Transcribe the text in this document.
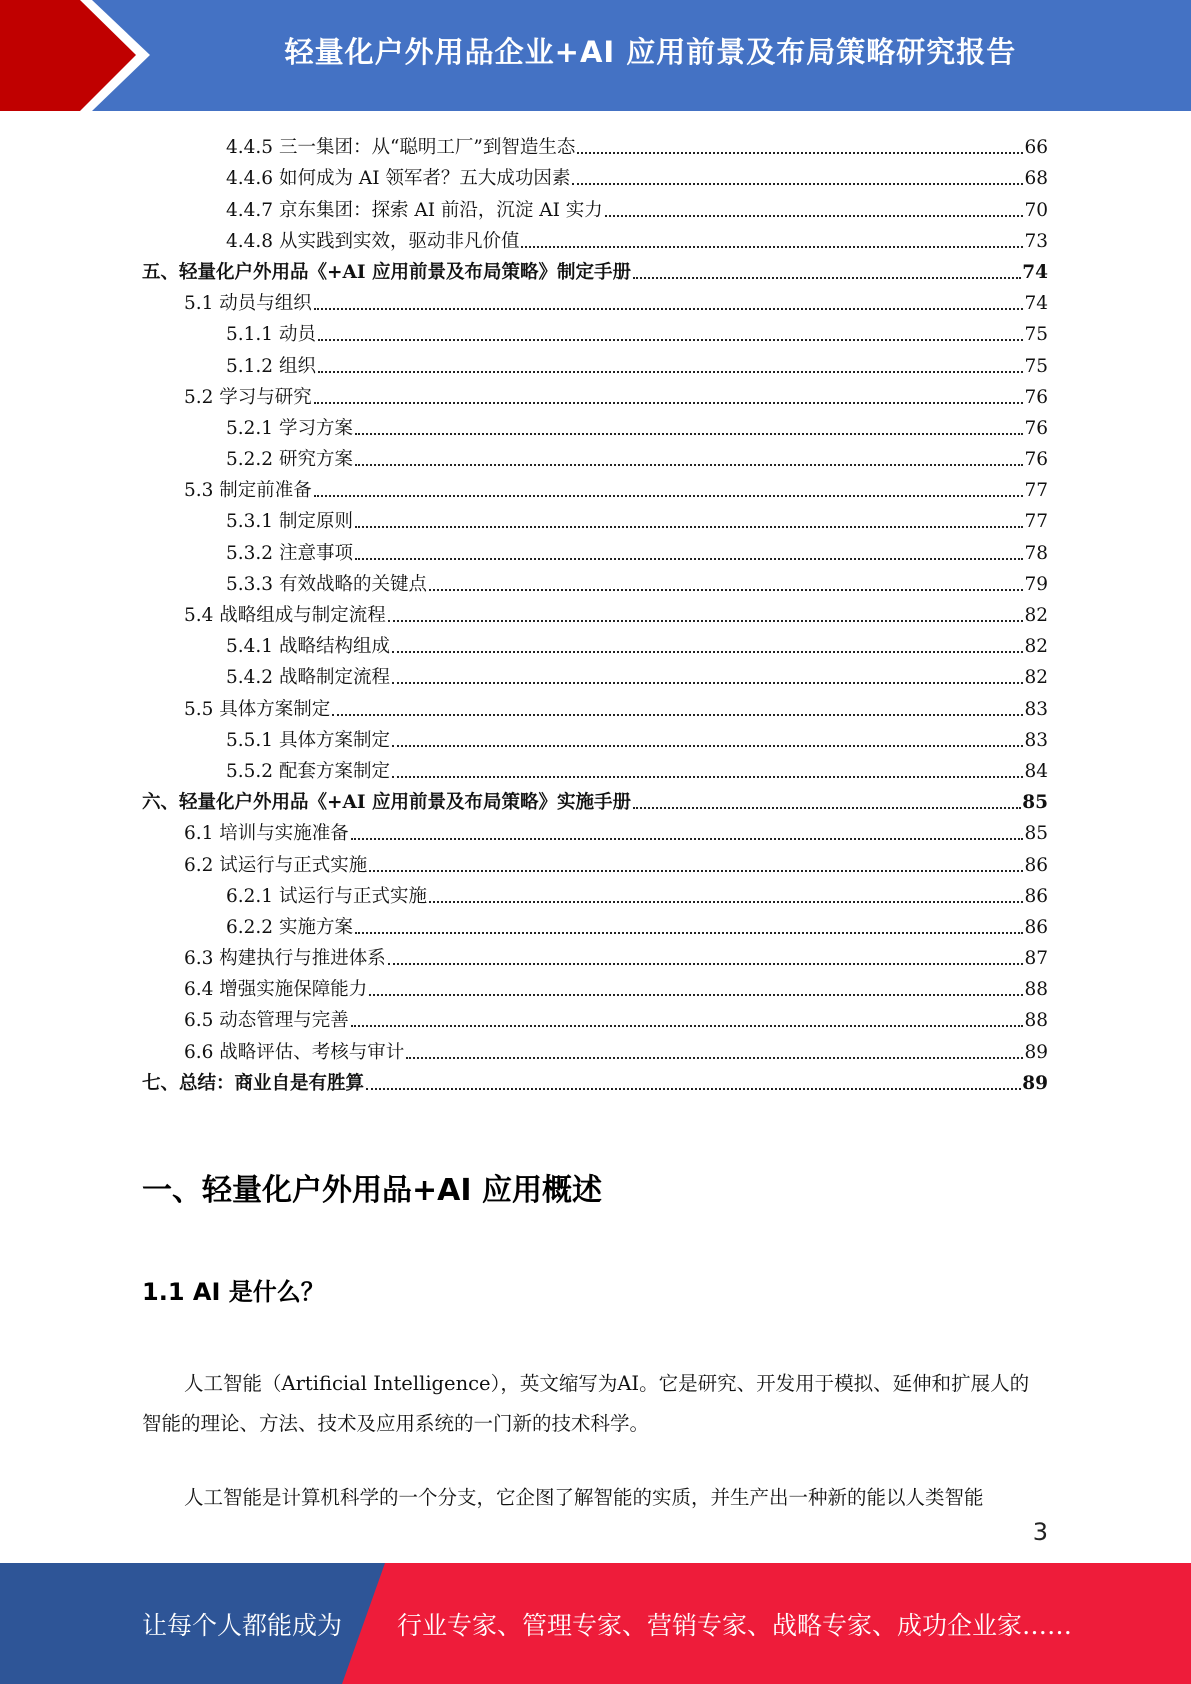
轻量化户外用品企业+AI 应用前景及布局策略研究报告
4.4.5 三一集团：从“聪明工厂”到智造生态	66
4.4.6 如何成为 AI 领军者？五大成功因素	68
4.4.7 京东集团：探索 AI 前沿，沉淀 AI 实力	70
4.4.8 从实践到实效，驱动非凡价值	73
五、轻量化户外用品《+AI 应用前景及布局策略》制定手册	74
5.1 动员与组织	74
5.1.1 动员	75
5.1.2 组织	75
5.2 学习与研究	76
5.2.1 学习方案	76
5.2.2 研究方案	76
5.3 制定前准备	77
5.3.1 制定原则	77
5.3.2 注意事项	78
5.3.3 有效战略的关键点	79
5.4 战略组成与制定流程	82
5.4.1 战略结构组成	82
5.4.2 战略制定流程	82
5.5 具体方案制定	83
5.5.1 具体方案制定	83
5.5.2 配套方案制定	84
六、轻量化户外用品《+AI 应用前景及布局策略》实施手册	85
6.1 培训与实施准备	85
6.2 试运行与正式实施	86
6.2.1 试运行与正式实施	86
6.2.2 实施方案	86
6.3 构建执行与推进体系	87
6.4 增强实施保障能力	88
6.5 动态管理与完善	88
6.6 战略评估、考核与审计	89
七、总结：商业自是有胜算	89
一、轻量化户外用品+AI 应用概述
1.1 AI 是什么？
人工智能（Artificial Intelligence），英文缩写为AI。它是研究、开发用于模拟、延伸和扩展人的智能的理论、方法、技术及应用系统的一门新的技术科学。
人工智能是计算机科学的一个分支，它企图了解智能的实质，并生产出一种新的能以人类智能
3
让每个人都能成为 行业专家、管理专家、营销专家、战略专家、成功企业家……
